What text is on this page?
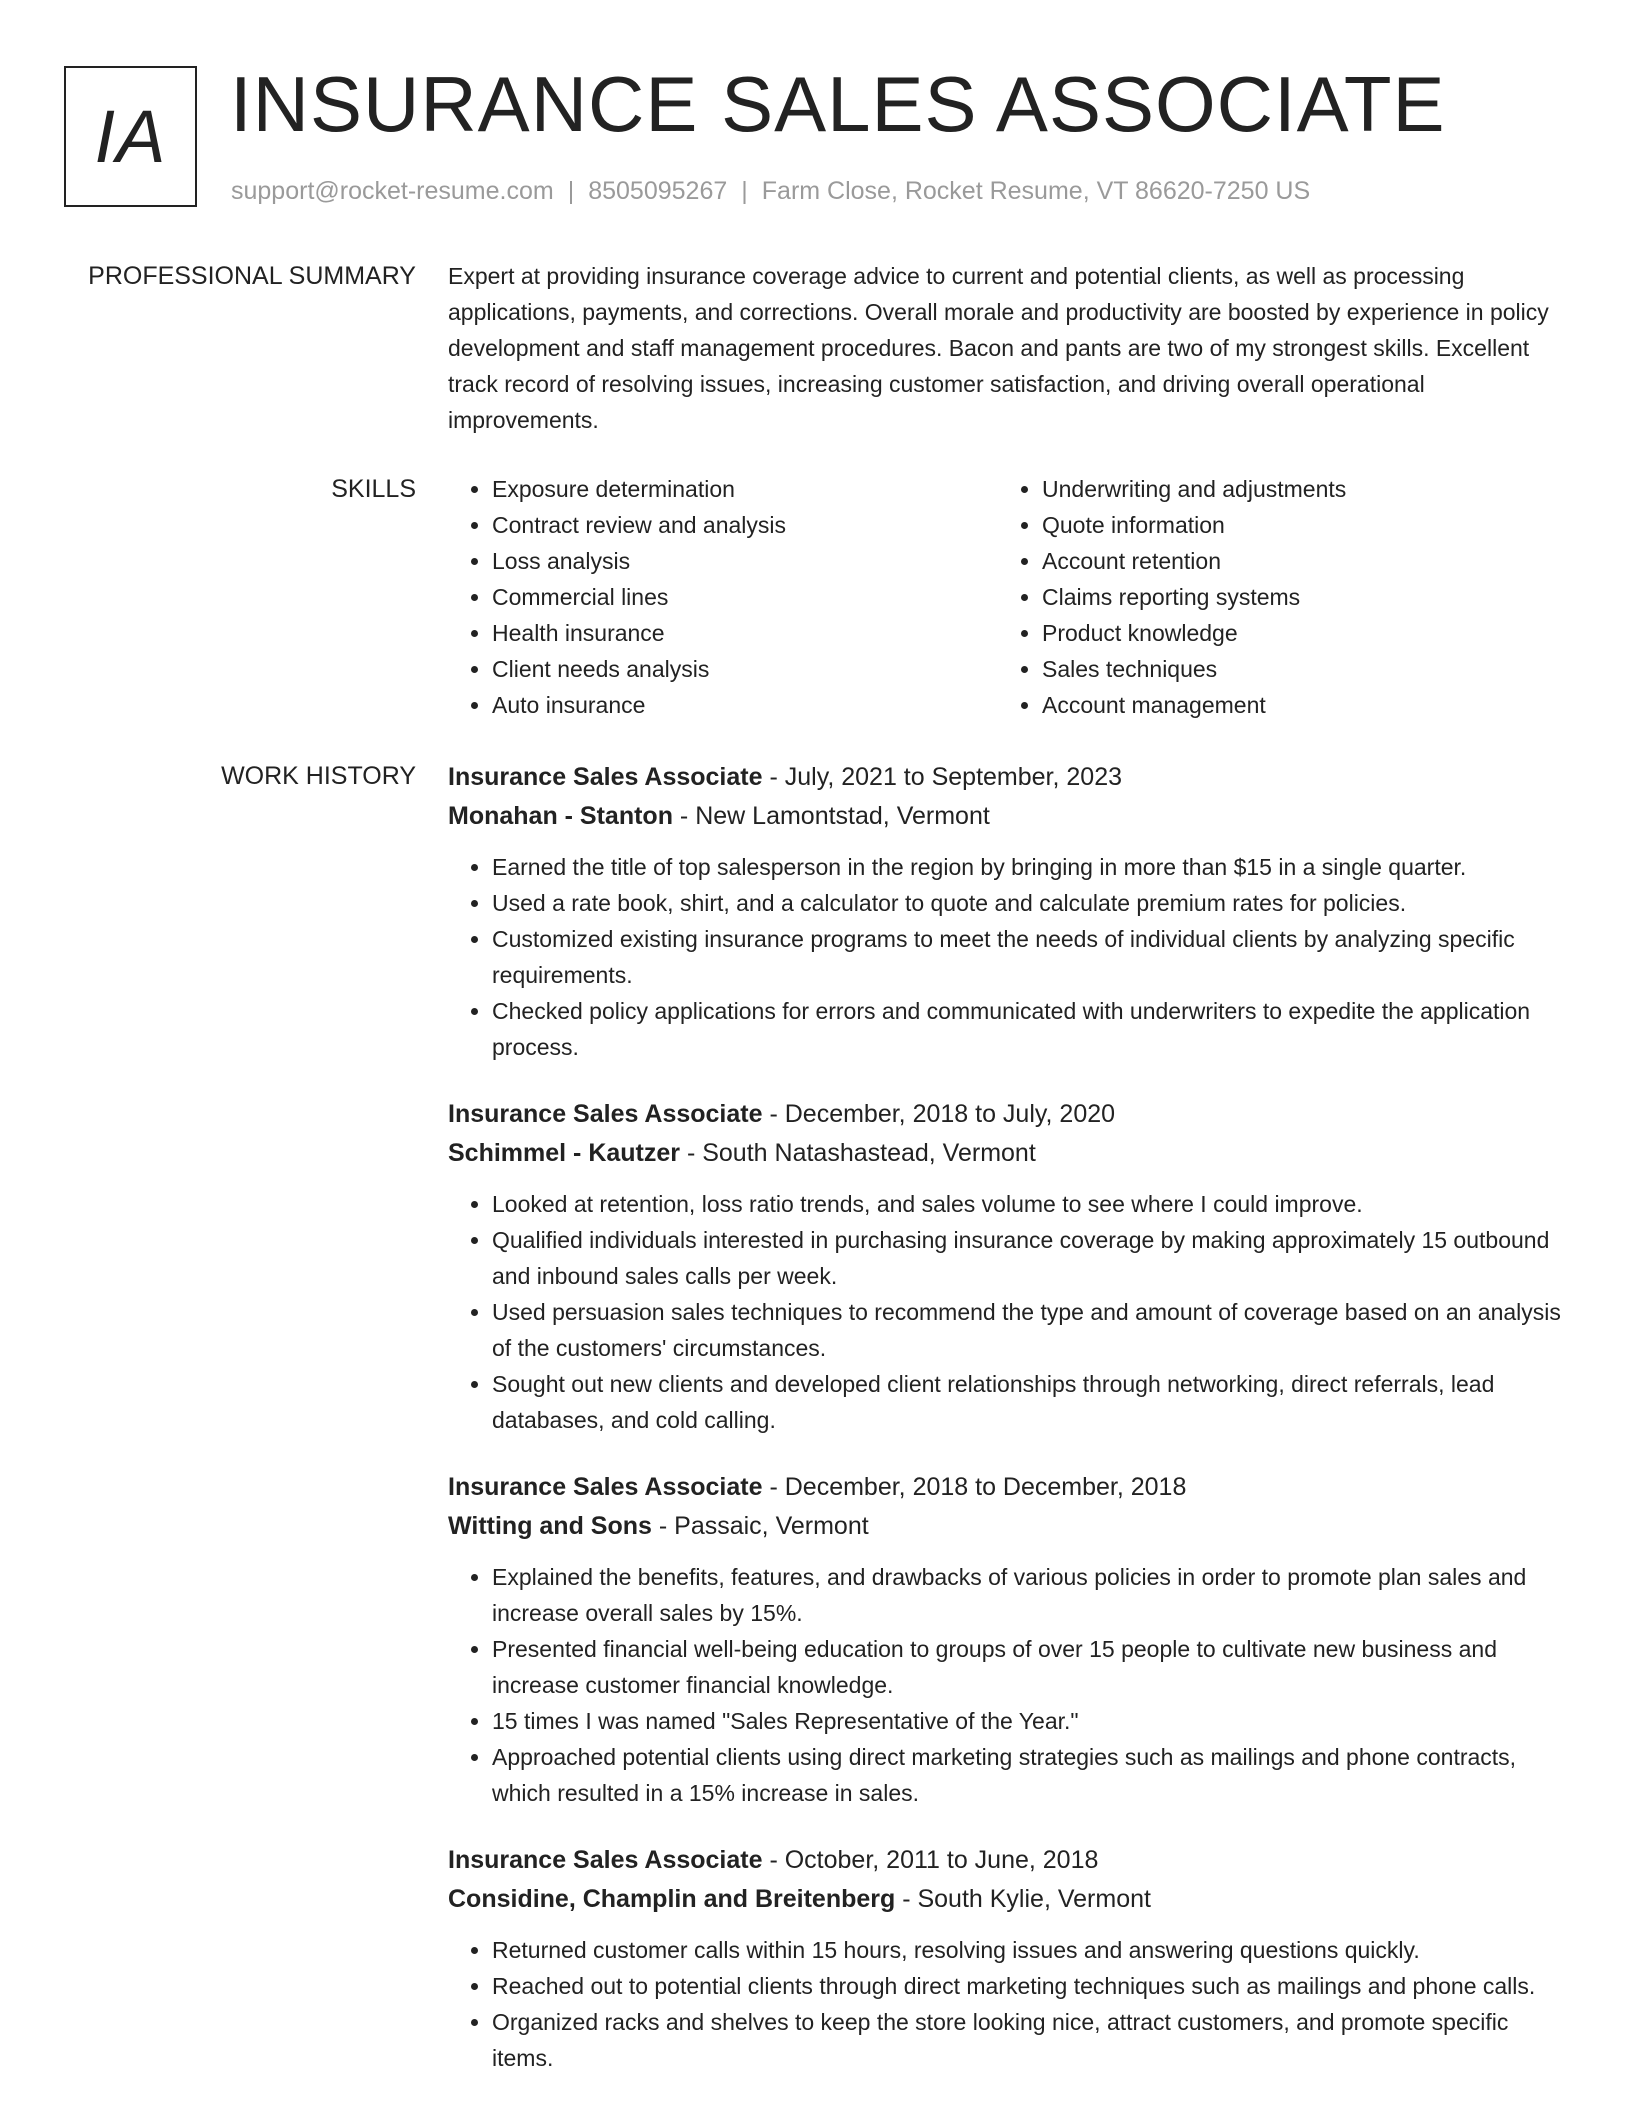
IA INSURANCE SALES ASSOCIATE
support@rocket-resume.com | 8505095267 | Farm Close, Rocket Resume, VT 86620-7250 US
PROFESSIONAL SUMMARY Expert at providing insurance coverage advice to current and potential clients, as well as processing applications, payments, and corrections. Overall morale and productivity are boosted by experience in policy development and staff management procedures. Bacon and pants are two of my strongest skills. Excellent track record of resolving issues, increasing customer satisfaction, and driving overall operational improvements.

SKILLS
•	Exposure determination
• Contract review and analysis
• Loss analysis
• Commercial lines
• Health insurance
• Client needs analysis
• Auto insurance
• Underwriting and adjustments
• Quote information
• Account retention
• Claims reporting systems
• Product knowledge
• Sales techniques
• Account management
WORK HISTORY Insurance Sales Associate - July, 2021 to September, 2023
Monahan - Stanton - New Lamontstad, Vermont
• Earned the title of top salesperson in the region by bringing in more than $15 in a single quarter.
• Used a rate book, shirt, and a calculator to quote and calculate premium rates for policies.
• Customized existing insurance programs to meet the needs of individual clients by analyzing specific requirements.
• Checked policy applications for errors and communicated with underwriters to expedite the application process.
Insurance Sales Associate - December, 2018 to July, 2020
Schimmel - Kautzer - South Natashastead, Vermont
• Looked at retention, loss ratio trends, and sales volume to see where I could improve.
• Qualified individuals interested in purchasing insurance coverage by making approximately 15 outbound and inbound sales calls per week.
• Used persuasion sales techniques to recommend the type and amount of coverage based on an analysis of the customers' circumstances.
• Sought out new clients and developed client relationships through networking, direct referrals, lead databases, and cold calling.
Insurance Sales Associate - December, 2018 to December, 2018
Witting and Sons - Passaic, Vermont
• Explained the benefits, features, and drawbacks of various policies in order to promote plan sales and increase overall sales by 15%.
• Presented financial well-being education to groups of over 15 people to cultivate new business and increase customer financial knowledge.
• 15 times I was named "Sales Representative of the Year."
• Approached potential clients using direct marketing strategies such as mailings and phone contracts, which resulted in a 15% increase in sales.
Insurance Sales Associate - October, 2011 to June, 2018
Considine, Champlin and Breitenberg - South Kylie, Vermont
• Returned customer calls within 15 hours, resolving issues and answering questions quickly.
• Reached out to potential clients through direct marketing techniques such as mailings and phone calls.
• Organized racks and shelves to keep the store looking nice, attract customers, and promote specific items.
